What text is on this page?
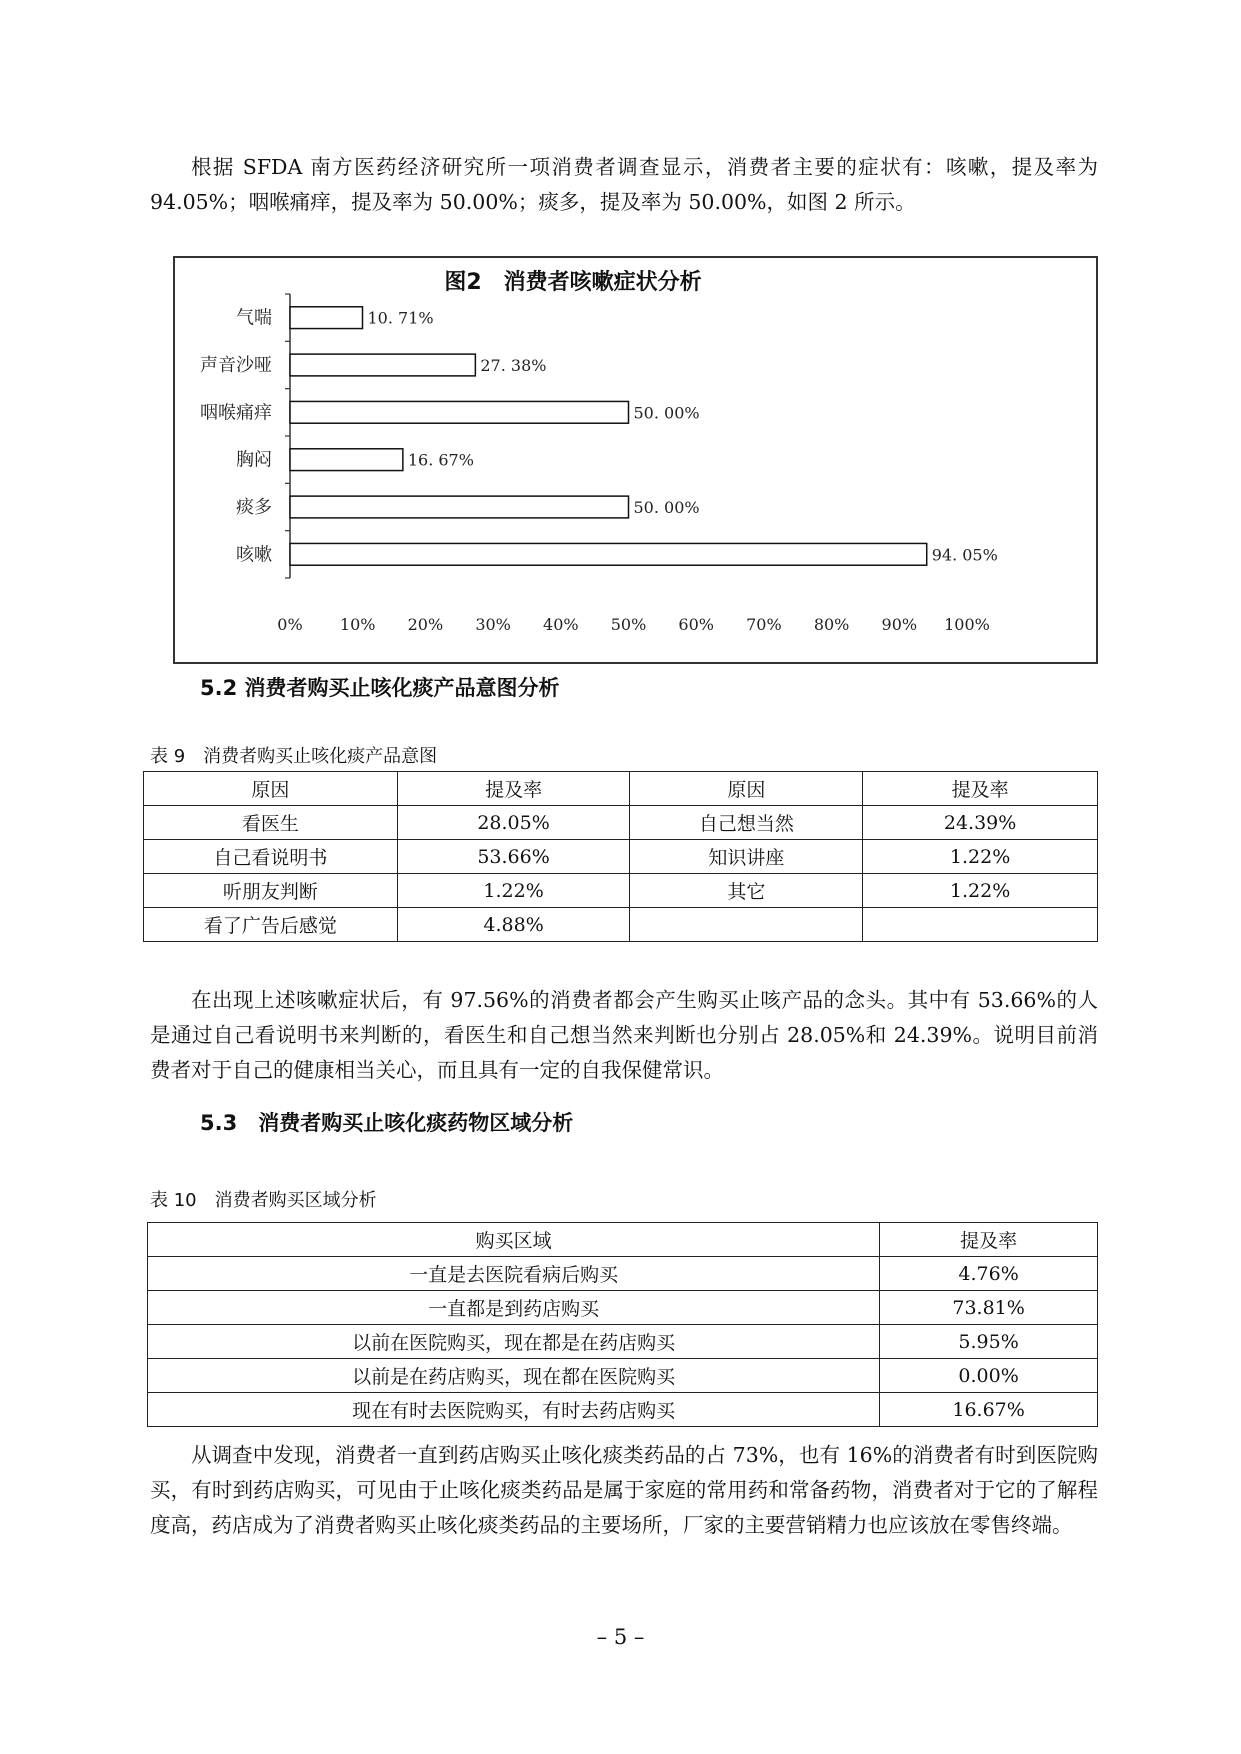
根据 SFDA 南方医药经济研究所一项消费者调查显示，消费者主要的症状有：咳嗽，提及率为 94.05%；咽喉痛痒，提及率为 50.00%；痰多，提及率为 50.00%，如图 2 所示。

图2　消费者咳嗽症状分析
气喘	10. 71%
声音沙哑	27. 38%
咽喉痛痒	50. 00%
胸闷	16. 67%
痰多	50. 00%
咳嗽	94. 05%
0% 10% 20% 30% 40% 50% 60% 70% 80% 90% 100%

5.2 消费者购买止咳化痰产品意图分析

表 9　消费者购买止咳化痰产品意图

原因	提及率	原因	提及率
看医生	28.05%	自己想当然	24.39%
自己看说明书	53.66%	知识讲座	1.22%
听朋友判断	1.22%	其它	1.22%
看了广告后感觉	4.88%		

在出现上述咳嗽症状后，有 97.56%的消费者都会产生购买止咳产品的念头。其中有 53.66%的人是通过自己看说明书来判断的，看医生和自己想当然来判断也分别占 28.05%和 24.39%。说明目前消费者对于自己的健康相当关心，而且具有一定的自我保健常识。

5.3　消费者购买止咳化痰药物区域分析

表 10　消费者购买区域分析

购买区域	提及率
一直是去医院看病后购买	4.76%
一直都是到药店购买	73.81%
以前在医院购买，现在都是在药店购买	5.95%
以前是在药店购买，现在都在医院购买	0.00%
现在有时去医院购买，有时去药店购买	16.67%

从调查中发现，消费者一直到药店购买止咳化痰类药品的占 73%，也有 16%的消费者有时到医院购买，有时到药店购买，可见由于止咳化痰类药品是属于家庭的常用药和常备药物，消费者对于它的了解程度高，药店成为了消费者购买止咳化痰类药品的主要场所，厂家的主要营销精力也应该放在零售终端。

– 5 –
